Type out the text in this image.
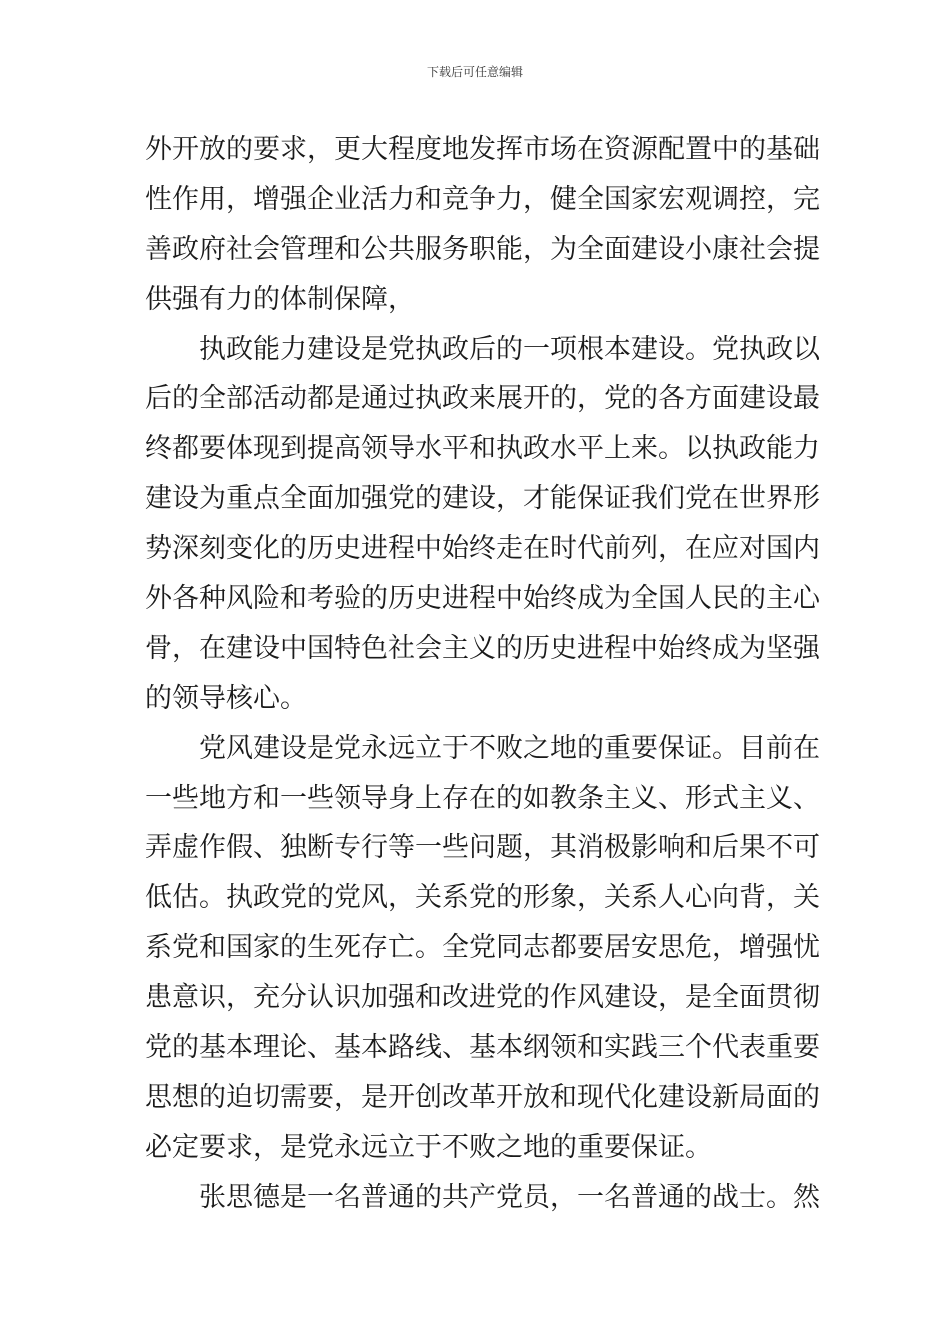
下载后可任意编辑

外开放的要求，更大程度地发挥市场在资源配置中的基础
性作用，增强企业活力和竞争力，健全国家宏观调控，完
善政府社会管理和公共服务职能，为全面建设小康社会提
供强有力的体制保障，

执政能力建设是党执政后的一项根本建设。党执政以
后的全部活动都是通过执政来展开的，党的各方面建设最
终都要体现到提高领导水平和执政水平上来。以执政能力
建设为重点全面加强党的建设，才能保证我们党在世界形
势深刻变化的历史进程中始终走在时代前列，在应对国内
外各种风险和考验的历史进程中始终成为全国人民的主心
骨，在建设中国特色社会主义的历史进程中始终成为坚强
的领导核心。

党风建设是党永远立于不败之地的重要保证。目前在
一些地方和一些领导身上存在的如教条主义、形式主义、
弄虚作假、独断专行等一些问题，其消极影响和后果不可
低估。执政党的党风，关系党的形象，关系人心向背，关
系党和国家的生死存亡。全党同志都要居安思危，增强忧
患意识，充分认识加强和改进党的作风建设，是全面贯彻
党的基本理论、基本路线、基本纲领和实践三个代表重要
思想的迫切需要，是开创改革开放和现代化建设新局面的
必定要求，是党永远立于不败之地的重要保证。

张思德是一名普通的共产党员，一名普通的战士。然
